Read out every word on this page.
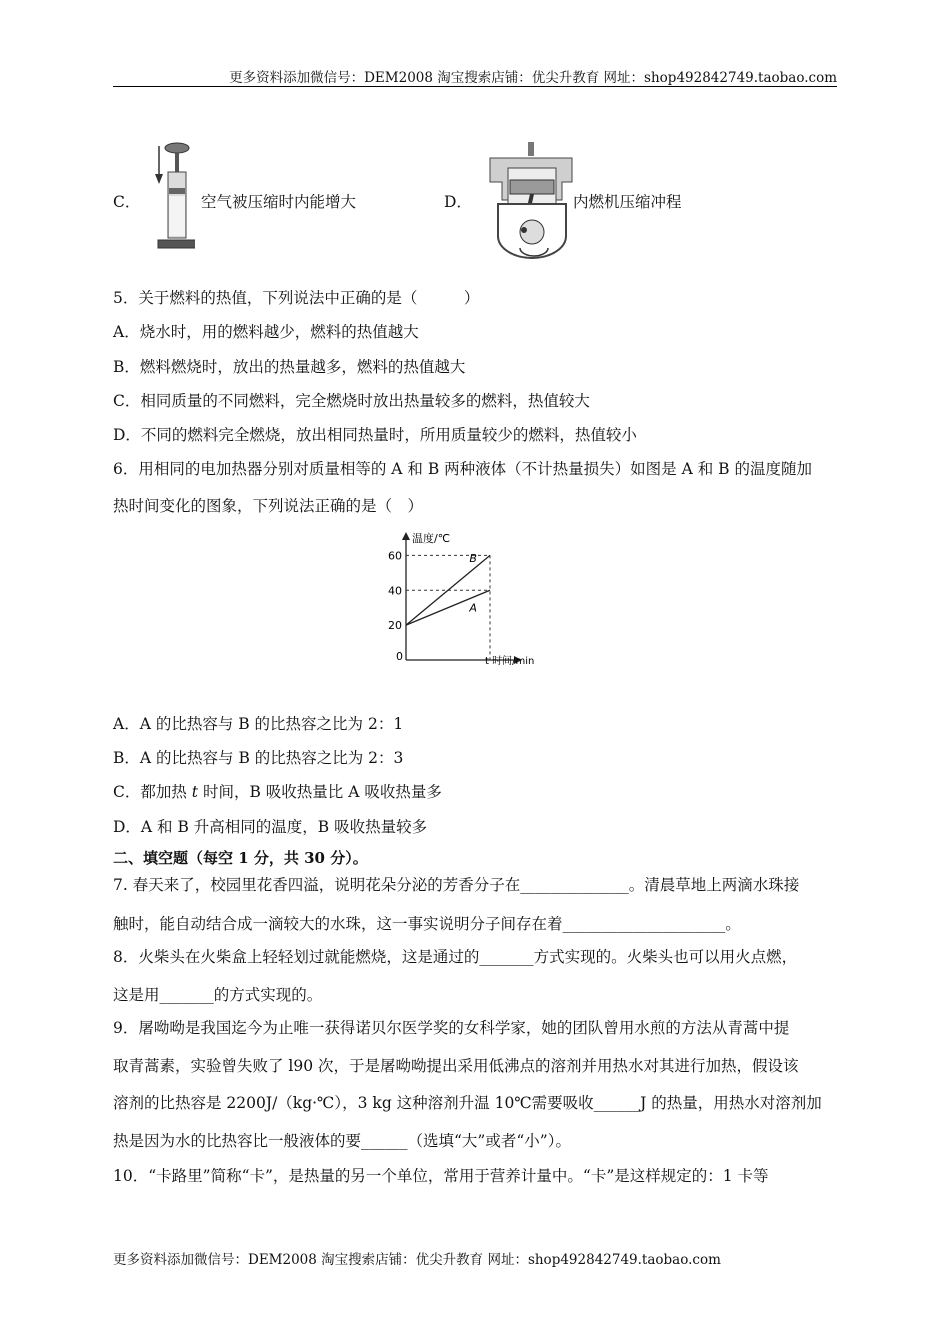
更多资料添加微信号：DEM2008 淘宝搜索店铺：优尖升教育 网址：shop492842749.taobao.com
C．	空气被压缩时内能增大	D．	内燃机压缩冲程
5．关于燃料的热值，下列说法中正确的是（　　　）
A．烧水时，用的燃料越少，燃料的热值越大
B．燃料燃烧时，放出的热量越多，燃料的热值越大
C．相同质量的不同燃料，完全燃烧时放出热量较多的燃料，热值较大
D．不同的燃料完全燃烧，放出相同热量时，所用质量较少的燃料，热值较小
6．用相同的电加热器分别对质量相等的 A 和 B 两种液体（不计热量损失）如图是 A 和 B 的温度随加
热时间变化的图象，下列说法正确的是（　）
温度/℃
t 时间/min
0
20
40
60	B
A
A．A 的比热容与 B 的比热容之比为 2：1
B．A 的比热容与 B 的比热容之比为 2：3
C．都加热 t 时间，B 吸收热量比 A 吸收热量多
D．A 和 B 升高相同的温度，B 吸收热量较多
二、填空题（每空 1 分，共 30 分）。
7. 春天来了，校园里花香四溢，说明花朵分泌的芳香分子在______________。清晨草地上两滴水珠接
触时，能自动结合成一滴较大的水珠，这一事实说明分子间存在着_____________________。
8．火柴头在火柴盒上轻轻划过就能燃烧，这是通过的_______方式实现的。火柴头也可以用火点燃，
这是用_______的方式实现的。
9．屠呦呦是我国迄今为止唯一获得诺贝尔医学奖的女科学家，她的团队曾用水煎的方法从青蒿中提
取青蒿素，实验曾失败了 l90 次，于是屠呦呦提出采用低沸点的溶剂并用热水对其进行加热，假设该
溶剂的比热容是 2200J/（kg·℃），3 kg 这种溶剂升温 10℃需要吸收______J 的热量，用热水对溶剂加
热是因为水的比热容比一般液体的要______（选填“大”或者“小”）。
10．“卡路里”简称“卡”，是热量的另一个单位，常用于营养计量中。“卡”是这样规定的：1 卡等
更多资料添加微信号：DEM2008 淘宝搜索店铺：优尖升教育 网址：shop492842749.taobao.com
